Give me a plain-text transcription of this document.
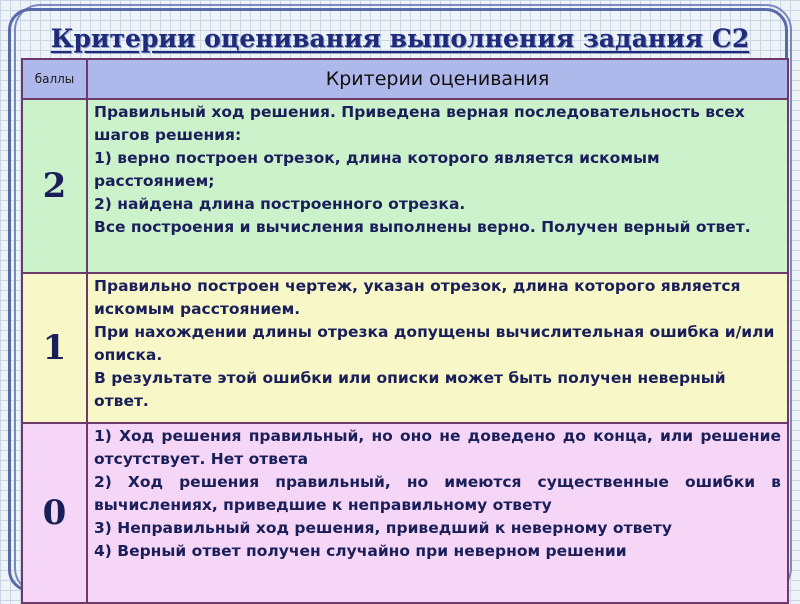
Критерии оценивания выполнения задания С2
баллы	Критерии оценивания
2	Правильный ход решения. Приведена верная последовательность всех шагов решения:
1) верно построен отрезок, длина которого является искомым расстоянием;
2) найдена длина построенного отрезка.
Все построения и вычисления выполнены верно. Получен верный ответ.

1	Правильно построен чертеж, указан отрезок, длина которого является искомым расстоянием.
При нахождении длины отрезка допущены вычислительная ошибка и/или описка.
В результате этой ошибки или описки может быть получен неверный ответ.

0	1) Ход решения правильный, но оно не доведено до конца, или решение отсутствует. Нет ответа
2) Ход решения правильный, но имеются существенные ошибки в вычислениях, приведшие к неправильному ответу
3) Неправильный ход решения, приведший к неверному ответу
4) Верный ответ получен случайно при неверном решении
